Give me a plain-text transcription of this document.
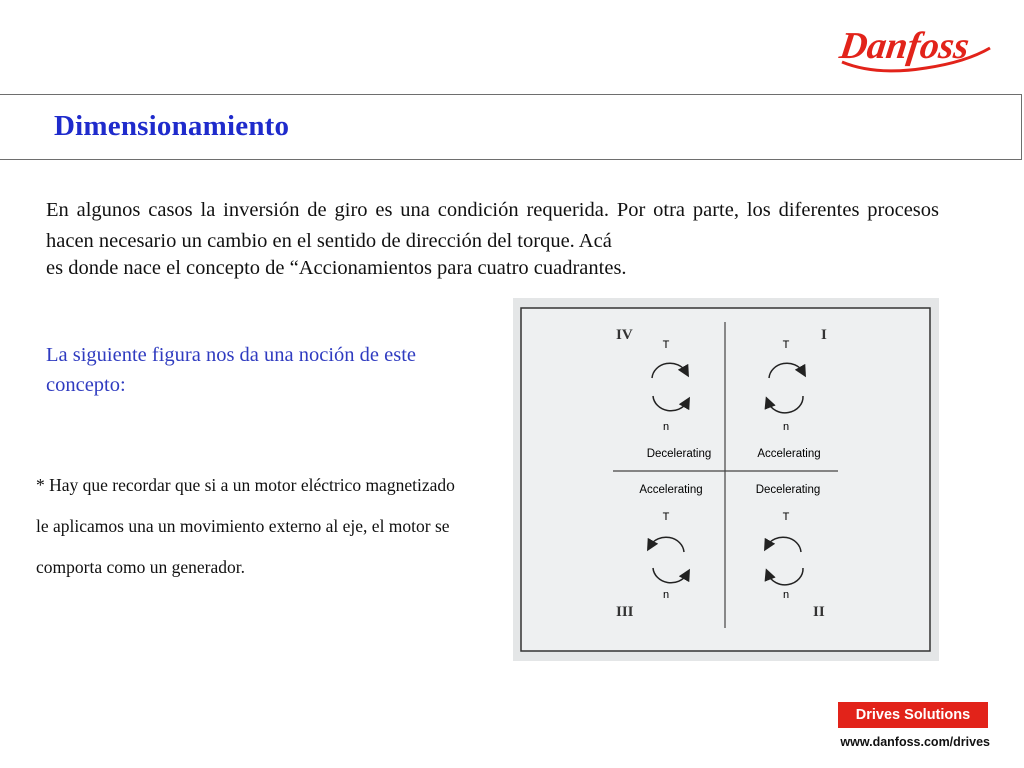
Danfoss
Dimensionamiento
En algunos casos la inversión de giro es una condición requerida. Por otra parte, los diferentes procesos hacen necesario un cambio en el sentido de dirección del torque. Acá
es donde nace el concepto de “Accionamientos para cuatro cuadrantes.
La siguiente figura nos da una noción de este concepto:
* Hay que recordar que si a un motor eléctrico magnetizado le aplicamos una un movimiento externo al eje, el motor se comporta como un generador.
IV
T
n
Decelerating
I
T
n
Accelerating
Accelerating
T
n
III
Decelerating
T
n
II
Drives Solutions
www.danfoss.com/drives
